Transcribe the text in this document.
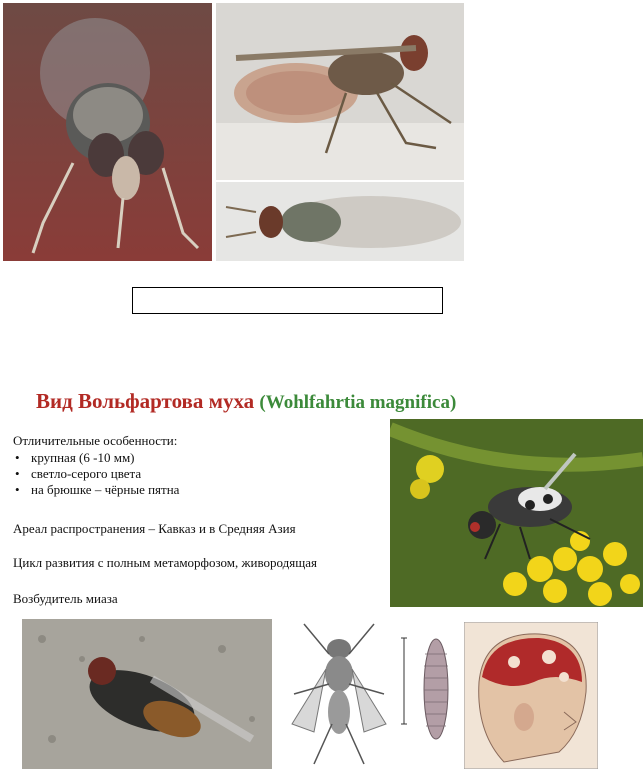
Вид Вольфартова муха (Wohlfahrtia magnifica)
Отличительные особенности:
• крупная (6 -10 мм)
• светло-серого цвета
• на брюшке – чёрные пятна
Ареал распространения – Кавказ и в Средняя Азия
Цикл развития с полным метаморфозом, живородящая
Возбудитель миаза
